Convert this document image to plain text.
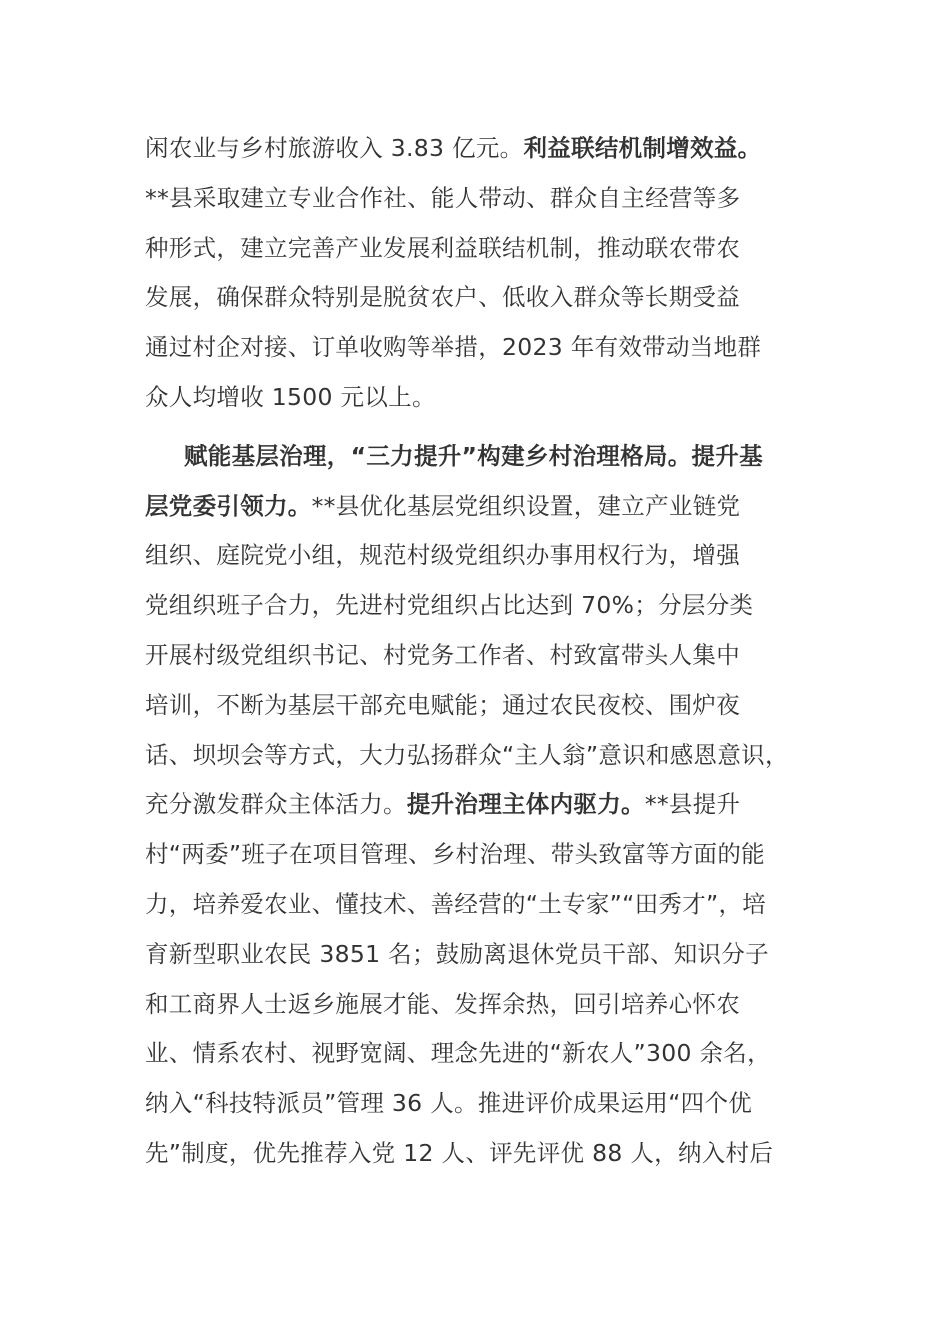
闲农业与乡村旅游收入 3.83 亿元。利益联结机制增效益。
**县采取建立专业合作社、能人带动、群众自主经营等多
种形式，建立完善产业发展利益联结机制，推动联农带农
发展，确保群众特别是脱贫农户、低收入群众等长期受益
通过村企对接、订单收购等举措，2023 年有效带动当地群
众人均增收 1500 元以上。
赋能基层治理，“三力提升”构建乡村治理格局。提升基
层党委引领力。**县优化基层党组织设置，建立产业链党
组织、庭院党小组，规范村级党组织办事用权行为，增强
党组织班子合力，先进村党组织占比达到 70%；分层分类
开展村级党组织书记、村党务工作者、村致富带头人集中
培训，不断为基层干部充电赋能；通过农民夜校、围炉夜
话、坝坝会等方式，大力弘扬群众“主人翁”意识和感恩意识，
充分激发群众主体活力。提升治理主体内驱力。**县提升
村“两委”班子在项目管理、乡村治理、带头致富等方面的能
力，培养爱农业、懂技术、善经营的“土专家”“田秀才”，培
育新型职业农民 3851 名；鼓励离退休党员干部、知识分子
和工商界人士返乡施展才能、发挥余热，回引培养心怀农
业、情系农村、视野宽阔、理念先进的“新农人”300 余名，
纳入“科技特派员”管理 36 人。推进评价成果运用“四个优
先”制度，优先推荐入党 12 人、评先评优 88 人，纳入村后
